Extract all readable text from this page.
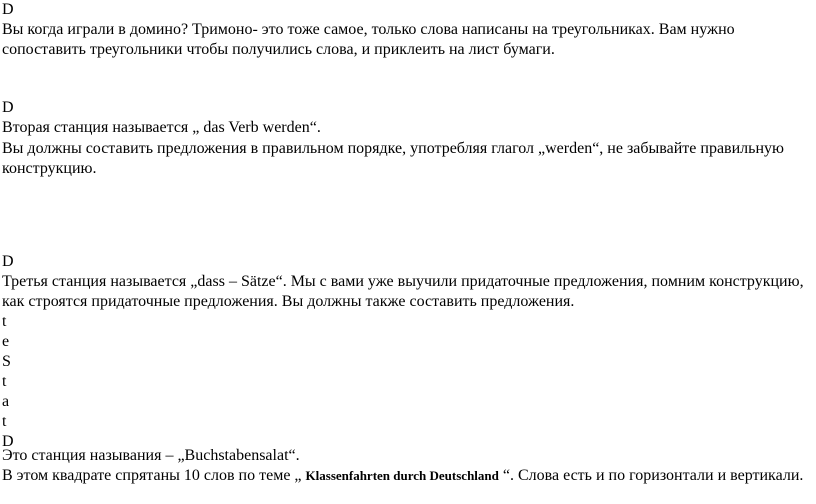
D
Вы когда играли в домино? Тримоно- это тоже самое, только слова написаны на треугольниках. Вам нужно сопоставить треугольники чтобы получились слова, и приклеить на лист бумаги.
D
Вторая станция называется „ das Verb werden“.
Вы должны составить предложения в правильном порядке, употребляя глагол „werden“, не забывайте правильную конструкцию.
D
Третья станция называется „dass – Sätze“. Мы с вами уже выучили придаточные предложения, помним конструкцию, как строятся придаточные предложения. Вы должны также составить предложения.
t
e
S
t
a
t
D
Это станция называния – „Buchstabensalat“.
В этом квадрате спрятаны 10 слов по теме „ Klassenfahrten durch Deutschland “. Слова есть и по горизонтали и вертикали.
